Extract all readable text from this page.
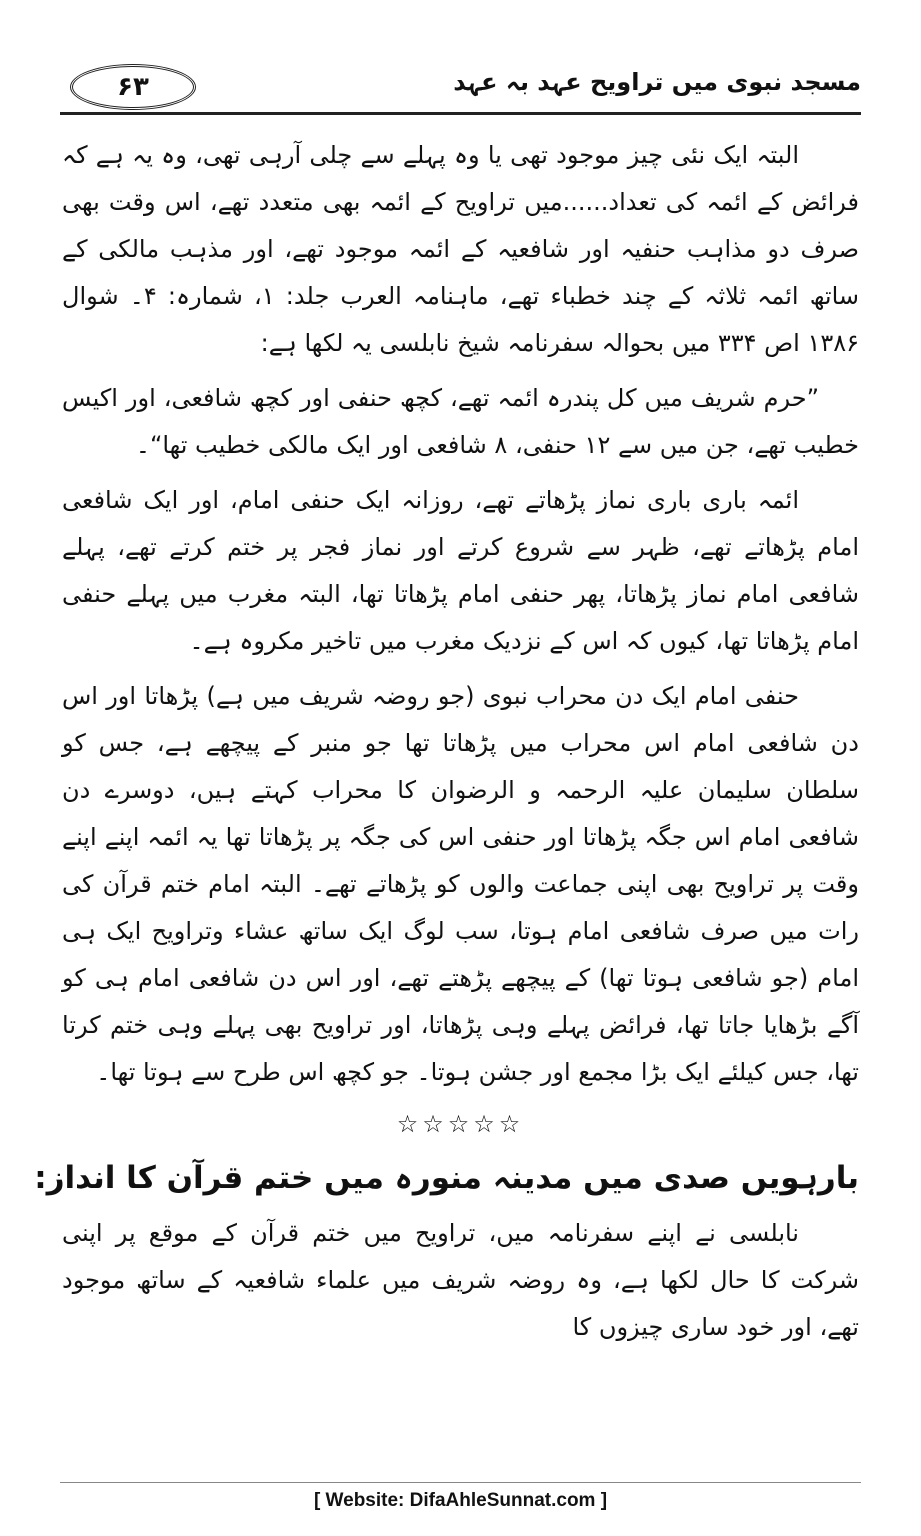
۶۳	مسجد نبوی میں تراویح عہد بہ عہد

البتہ ایک نئی چیز موجود تھی یا وہ پہلے سے چلی آرہی تھی، وہ یہ ہے کہ فرائض کے ائمہ کی تعداد......میں تراویح کے ائمہ بھی متعدد تھے، اس وقت بھی صرف دو مذاہب حنفیہ اور شافعیہ کے ائمہ موجود تھے، اور مذہب مالکی کے ساتھ ائمہ ثلاثہ کے چند خطباء تھے، ماہنامہ العرب جلد: ۱، شمارہ: ۴۔ شوال ۱۳۸۶ اص ۳۳۴ میں بحوالہ سفرنامہ شیخ نابلسی یہ لکھا ہے:

”حرم شریف میں کل پندرہ ائمہ تھے، کچھ حنفی اور کچھ شافعی، اور اکیس خطیب تھے، جن میں سے ۱۲ حنفی، ۸ شافعی اور ایک مالکی خطیب تھا“۔

ائمہ باری باری نماز پڑھاتے تھے، روزانہ ایک حنفی امام، اور ایک شافعی امام پڑھاتے تھے، ظہر سے شروع کرتے اور نماز فجر پر ختم کرتے تھے، پہلے شافعی امام نماز پڑھاتا، پھر حنفی امام پڑھاتا تھا، البتہ مغرب میں پہلے حنفی امام پڑھاتا تھا، کیوں کہ اس کے نزدیک مغرب میں تاخیر مکروہ ہے۔

حنفی امام ایک دن محراب نبوی (جو روضہ شریف میں ہے) پڑھاتا اور اس دن شافعی امام اس محراب میں پڑھاتا تھا جو منبر کے پیچھے ہے، جس کو سلطان سلیمان علیہ الرحمہ و الرضوان کا محراب کہتے ہیں، دوسرے دن شافعی امام اس جگہ پڑھاتا اور حنفی اس کی جگہ پر پڑھاتا تھا یہ ائمہ اپنے اپنے وقت پر تراویح بھی اپنی جماعت والوں کو پڑھاتے تھے۔ البتہ امام ختم قرآن کی رات میں صرف شافعی امام ہوتا، سب لوگ ایک ساتھ عشاء وتراویح ایک ہی امام (جو شافعی ہوتا تھا) کے پیچھے پڑھتے تھے، اور اس دن شافعی امام ہی کو آگے بڑھایا جاتا تھا، فرائض پہلے وہی پڑھاتا، اور تراویح بھی پہلے وہی ختم کرتا تھا، جس کیلئے ایک بڑا مجمع اور جشن ہوتا۔ جو کچھ اس طرح سے ہوتا تھا۔

☆☆☆☆☆
بارہویں صدی میں مدینہ منورہ میں ختم قرآن کا انداز:

نابلسی نے اپنے سفرنامہ میں، تراویح میں ختم قرآن کے موقع پر اپنی شرکت کا حال لکھا ہے، وہ روضہ شریف میں علماء شافعیہ کے ساتھ موجود تھے، اور خود ساری چیزوں کا

[ Website: DifaAhleSunnat.com ]
